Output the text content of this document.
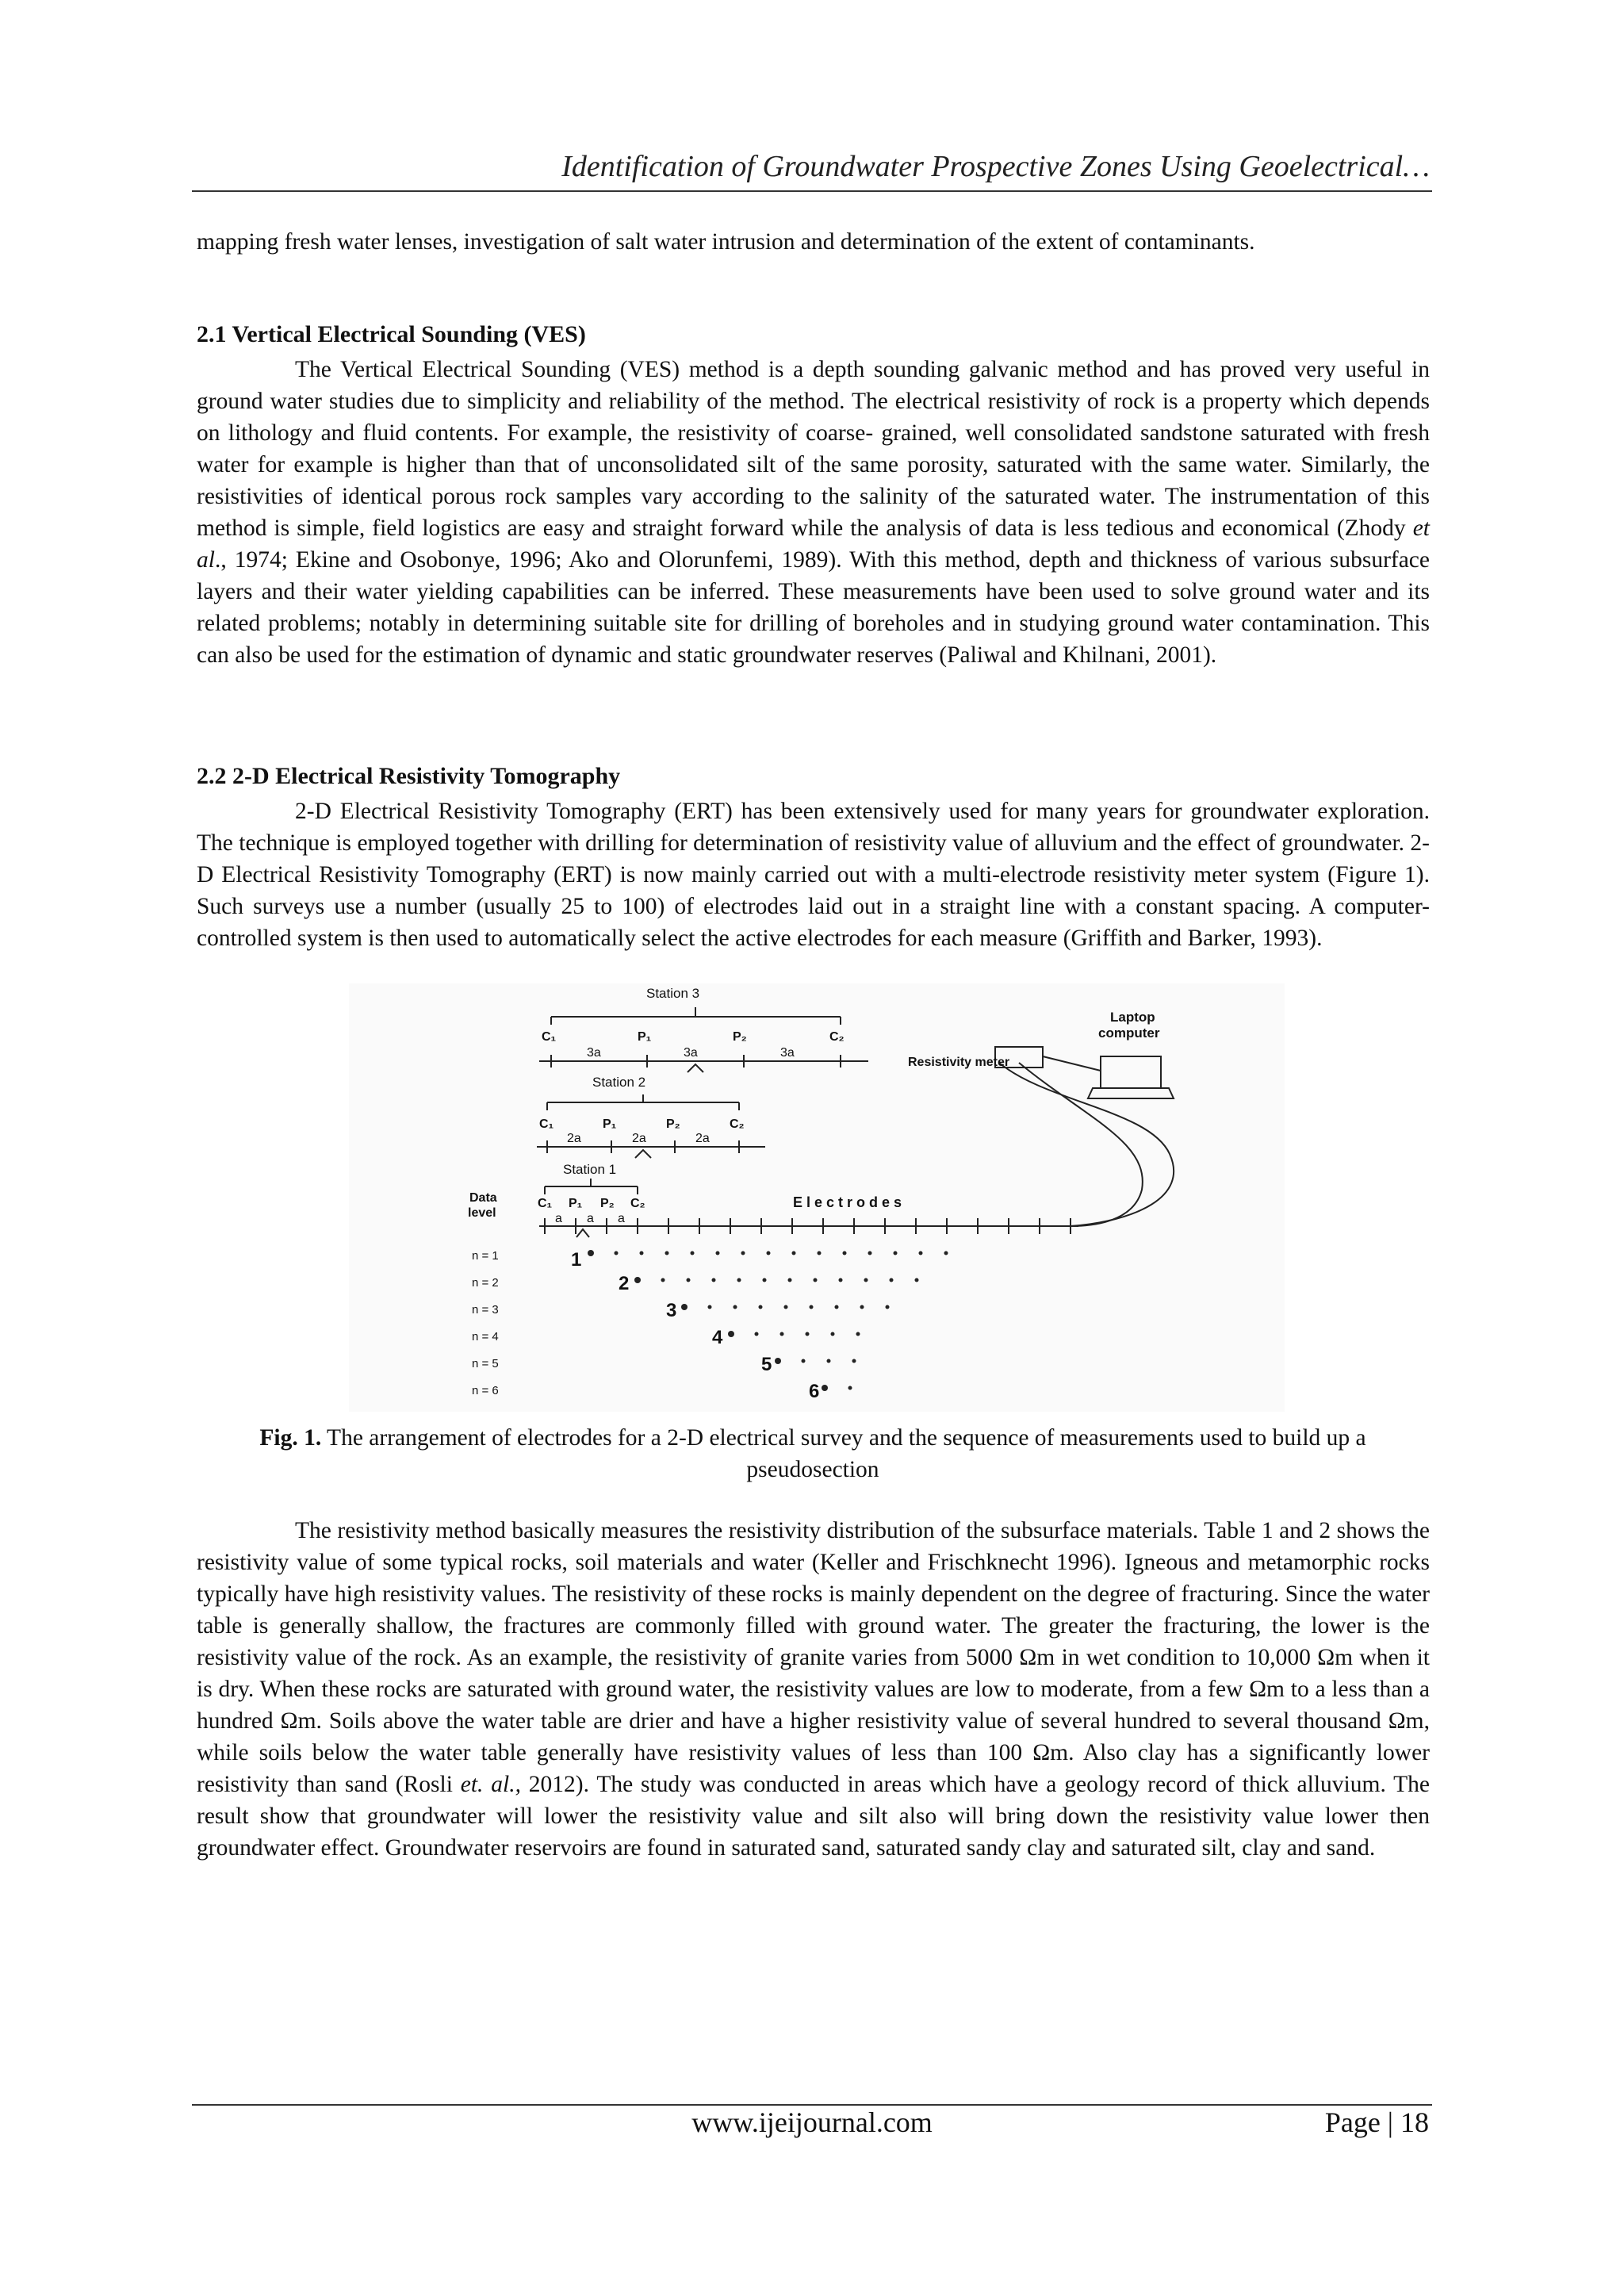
Identification of Groundwater Prospective Zones Using Geoelectrical…

mapping fresh water lenses, investigation of salt water intrusion and determination of the extent of contaminants.

2.1 Vertical Electrical Sounding (VES)

The Vertical Electrical Sounding (VES) method is a depth sounding galvanic method and has proved very useful in ground water studies due to simplicity and reliability of the method. The electrical resistivity of rock is a property which depends on lithology and fluid contents. For example, the resistivity of coarse- grained, well consolidated sandstone saturated with fresh water for example is higher than that of unconsolidated silt of the same porosity, saturated with the same water. Similarly, the resistivities of identical porous rock samples vary according to the salinity of the saturated water. The instrumentation of this method is simple, field logistics are easy and straight forward while the analysis of data is less tedious and economical (Zhody et al., 1974; Ekine and Osobonye, 1996; Ako and Olorunfemi, 1989). With this method, depth and thickness of various subsurface layers and their water yielding capabilities can be inferred. These measurements have been used to solve ground water and its related problems; notably in determining suitable site for drilling of boreholes and in studying ground water contamination. This can also be used for the estimation of dynamic and static groundwater reserves (Paliwal and Khilnani, 2001).

2.2 2-D Electrical Resistivity Tomography

2-D Electrical Resistivity Tomography (ERT) has been extensively used for many years for groundwater exploration. The technique is employed together with drilling for determination of resistivity value of alluvium and the effect of groundwater. 2-D Electrical Resistivity Tomography (ERT) is now mainly carried out with a multi-electrode resistivity meter system (Figure 1). Such surveys use a number (usually 25 to 100) of electrodes laid out in a straight line with a constant spacing. A computer-controlled system is then used to automatically select the active electrodes for each measure (Griffith and Barker, 1993).

Station 3
C₁	P₁	P₂	C₂
3a	3a	3a
Station 2
C₁	P₁	P₂	C₂
2a	2a	2a
Station 1
C₁ P₁ P₂ C₂
a a a
E l e c t r o d e s
Resistivity meter
Laptop
computer
Data
level
n = 1
n = 2
n = 3
n = 4
n = 5
n = 6
1
2
3
4
5
6
Fig. 1. The arrangement of electrodes for a 2-D electrical survey and the sequence of measurements used to build up a pseudosection

The resistivity method basically measures the resistivity distribution of the subsurface materials. Table 1 and 2 shows the resistivity value of some typical rocks, soil materials and water (Keller and Frischknecht 1996). Igneous and metamorphic rocks typically have high resistivity values. The resistivity of these rocks is mainly dependent on the degree of fracturing. Since the water table is generally shallow, the fractures are commonly filled with ground water. The greater the fracturing, the lower is the resistivity value of the rock. As an example, the resistivity of granite varies from 5000 Ωm in wet condition to 10,000 Ωm when it is dry. When these rocks are saturated with ground water, the resistivity values are low to moderate, from a few Ωm to a less than a hundred Ωm. Soils above the water table are drier and have a higher resistivity value of several hundred to several thousand Ωm, while soils below the water table generally have resistivity values of less than 100 Ωm. Also clay has a significantly lower resistivity than sand (Rosli et. al., 2012). The study was conducted in areas which have a geology record of thick alluvium. The result show that groundwater will lower the resistivity value and silt also will bring down the resistivity value lower then groundwater effect. Groundwater reservoirs are found in saturated sand, saturated sandy clay and saturated silt, clay and sand.

www.ijeijournal.com	Page | 18
